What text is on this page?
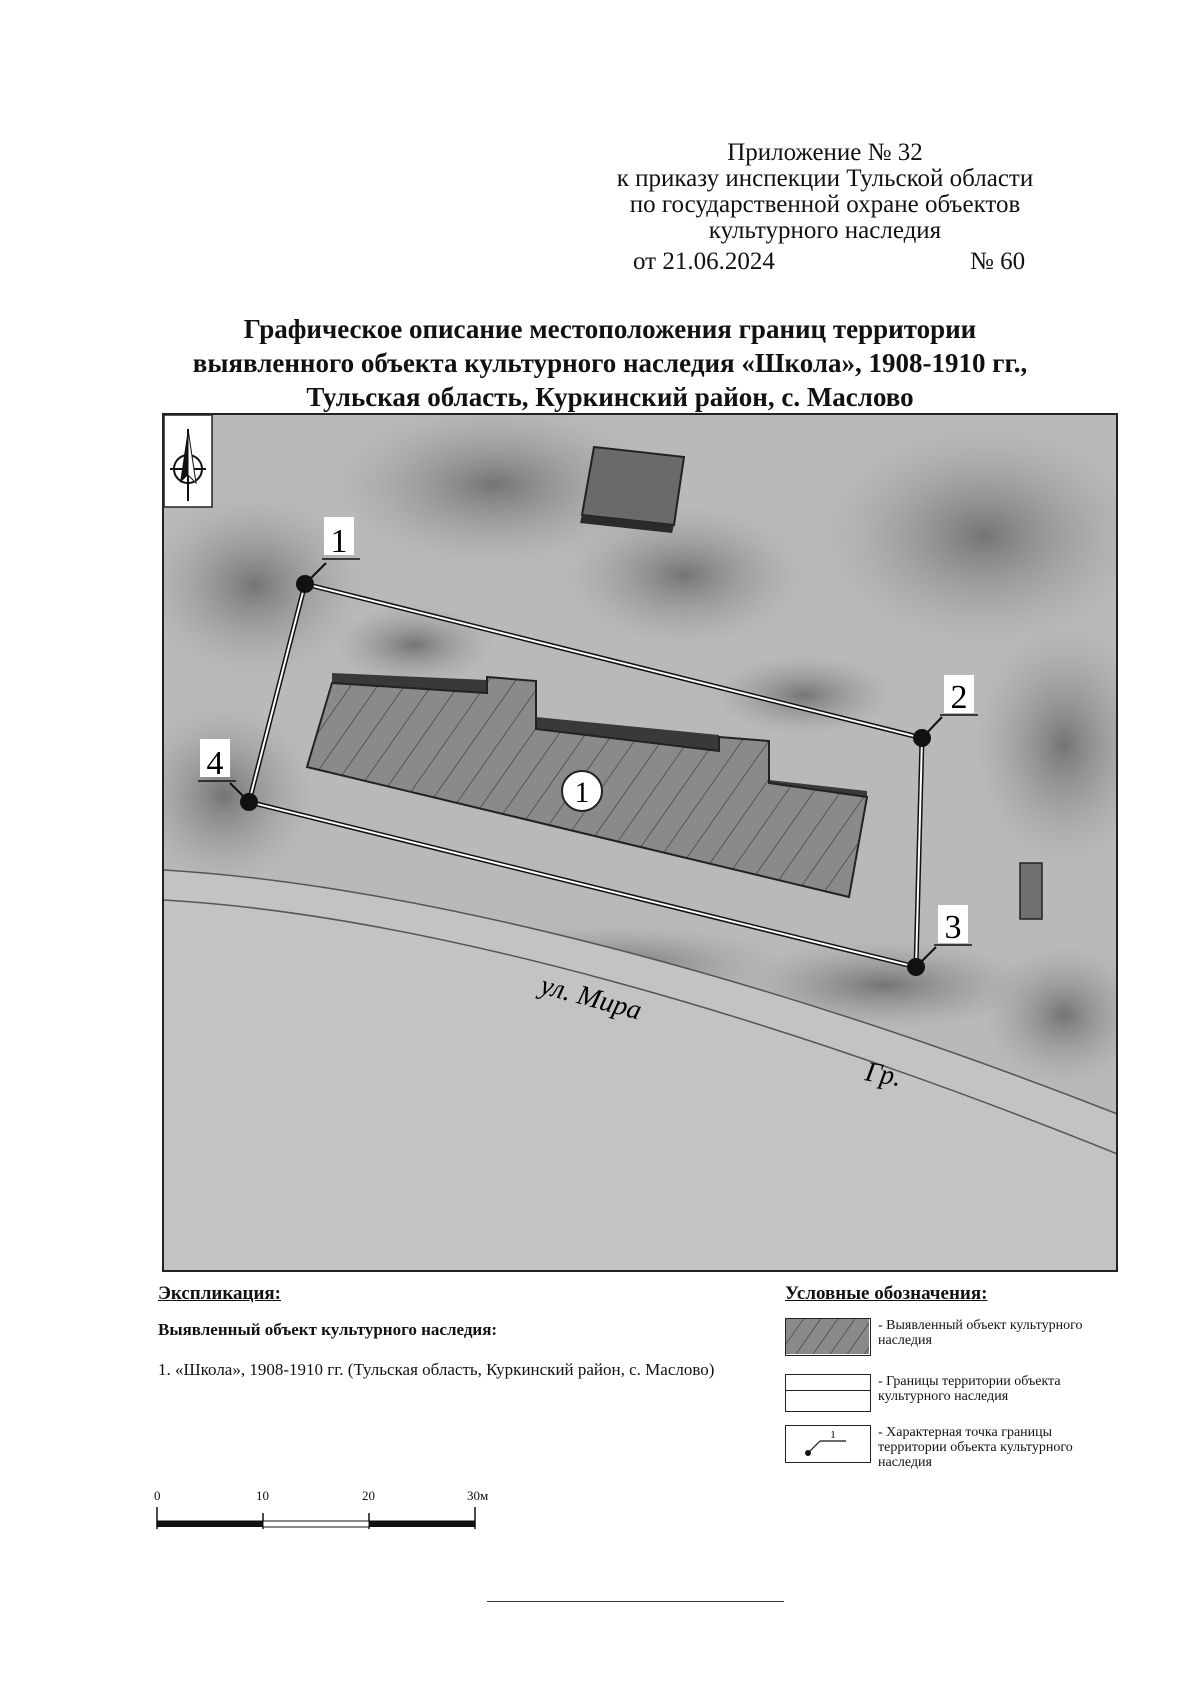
Приложение № 32
к приказу инспекции Тульской области
по государственной охране объектов
культурного наследия
от 21.06.2024	№ 60
Графическое описание местоположения границ территории
выявленного объекта культурного наследия «Школа», 1908-1910 гг.,
Тульская область, Куркинский район, с. Маслово
1
1
2
3
4
ул. Мира
Гр.
Экспликация:
Выявленный объект культурного наследия:
1. «Школа», 1908-1910 гг. (Тульская область, Куркинский район, с. Маслово)
Условные обозначения:
- Выявленный объект культурного наследия
- Границы территории объекта культурного наследия
1	- Характерная точка границы территории объекта культурного наследия
0	10	20	30м
